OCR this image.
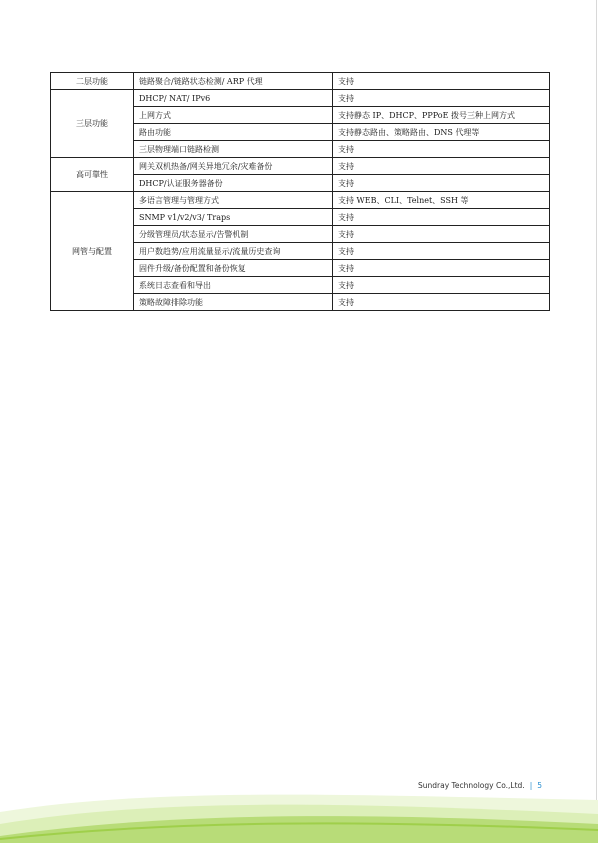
二层功能	链路聚合/链路状态检测/ ARP 代理	支持
三层功能	DHCP/ NAT/ IPv6	支持
	上网方式	支持静态 IP、DHCP、PPPoE 拨号三种上网方式
	路由功能	支持静态路由、策略路由、DNS 代理等
	三层物理端口链路检测	支持
高可靠性	网关双机热备/网关异地冗余/灾难备份	支持
	DHCP/认证服务器备份	支持
网管与配置	多语言管理与管理方式	支持 WEB、CLI、Telnet、SSH 等
	SNMP v1/v2/v3/ Traps	支持
	分级管理员/状态显示/告警机制	支持
	用户数趋势/应用流量显示/流量历史查询	支持
	固件升级/备份配置和备份恢复	支持
	系统日志查看和导出	支持
	策略故障排除功能	支持
Sundray Technology Co.,Ltd. | 5
